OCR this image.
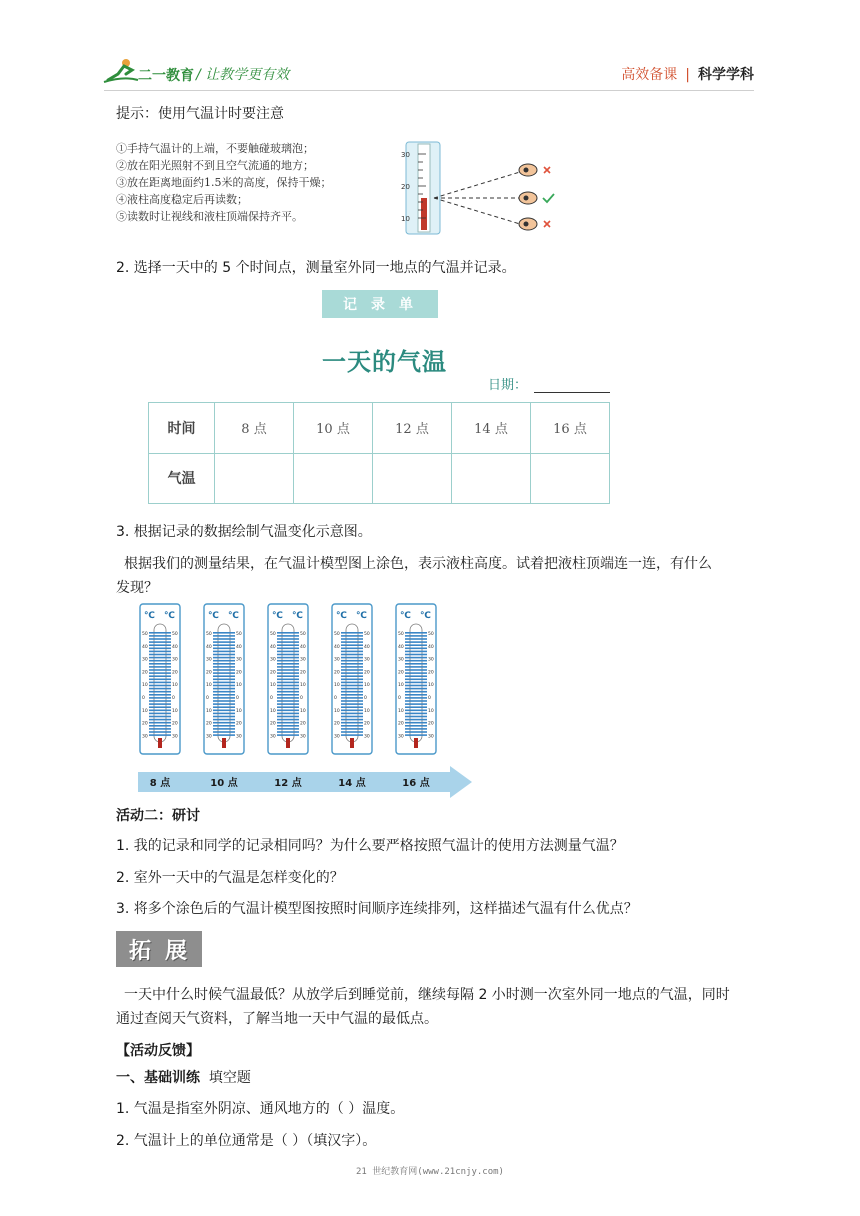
二一教育 / 让教学更有效	高效备课 | 科学学科
提示：使用气温计时要注意
①手持气温计的上端，不要触碰玻璃泡；
②放在阳光照射不到且空气流通的地方；
③放在距离地面约1.5米的高度，保持干燥；
④液柱高度稳定后再读数；
⑤读数时让视线和液柱顶端保持齐平。
30
20
10
2. 选择一天中的 5 个时间点，测量室外同一地点的气温并记录。
记录单
一天的气温
日期：
时间	8 点	10 点	12 点	14 点	16 点
气温					
3. 根据记录的数据绘制气温变化示意图。
根据我们的测量结果，在气温计模型图上涂色，表示液柱高度。试着把液柱顶端连一连，有什么
发现？
℃ ℃
50	50
40	40
30	30
20	20
10	10
0	0
10	10
20	20
30	30
8 点
℃ ℃
50	50
40	40
30	30
20	20
10	10
0	0
10	10
20	20
30	30
10 点
℃ ℃
50	50
40	40
30	30
20	20
10	10
0	0
10	10
20	20
30	30
12 点
℃ ℃
50	50
40	40
30	30
20	20
10	10
0	0
10	10
20	20
30	30
14 点
℃ ℃
50	50
40	40
30	30
20	20
10	10
0	0
10	10
20	20
30	30
16 点
活动二：研讨
1. 我的记录和同学的记录相同吗？为什么要严格按照气温计的使用方法测量气温？
2. 室外一天中的气温是怎样变化的？
3. 将多个涂色后的气温计模型图按照时间顺序连续排列，这样描述气温有什么优点？
拓展
一天中什么时候气温最低？从放学后到睡觉前，继续每隔 2 小时测一次室外同一地点的气温，同时
通过查阅天气资料，了解当地一天中气温的最低点。
【活动反馈】
一、基础训练 填空题
1. 气温是指室外阴凉、通风地方的（ ）温度。
2. 气温计上的单位通常是（ ）（填汉字）。
21 世纪教育网(www.21cnjy.com)
